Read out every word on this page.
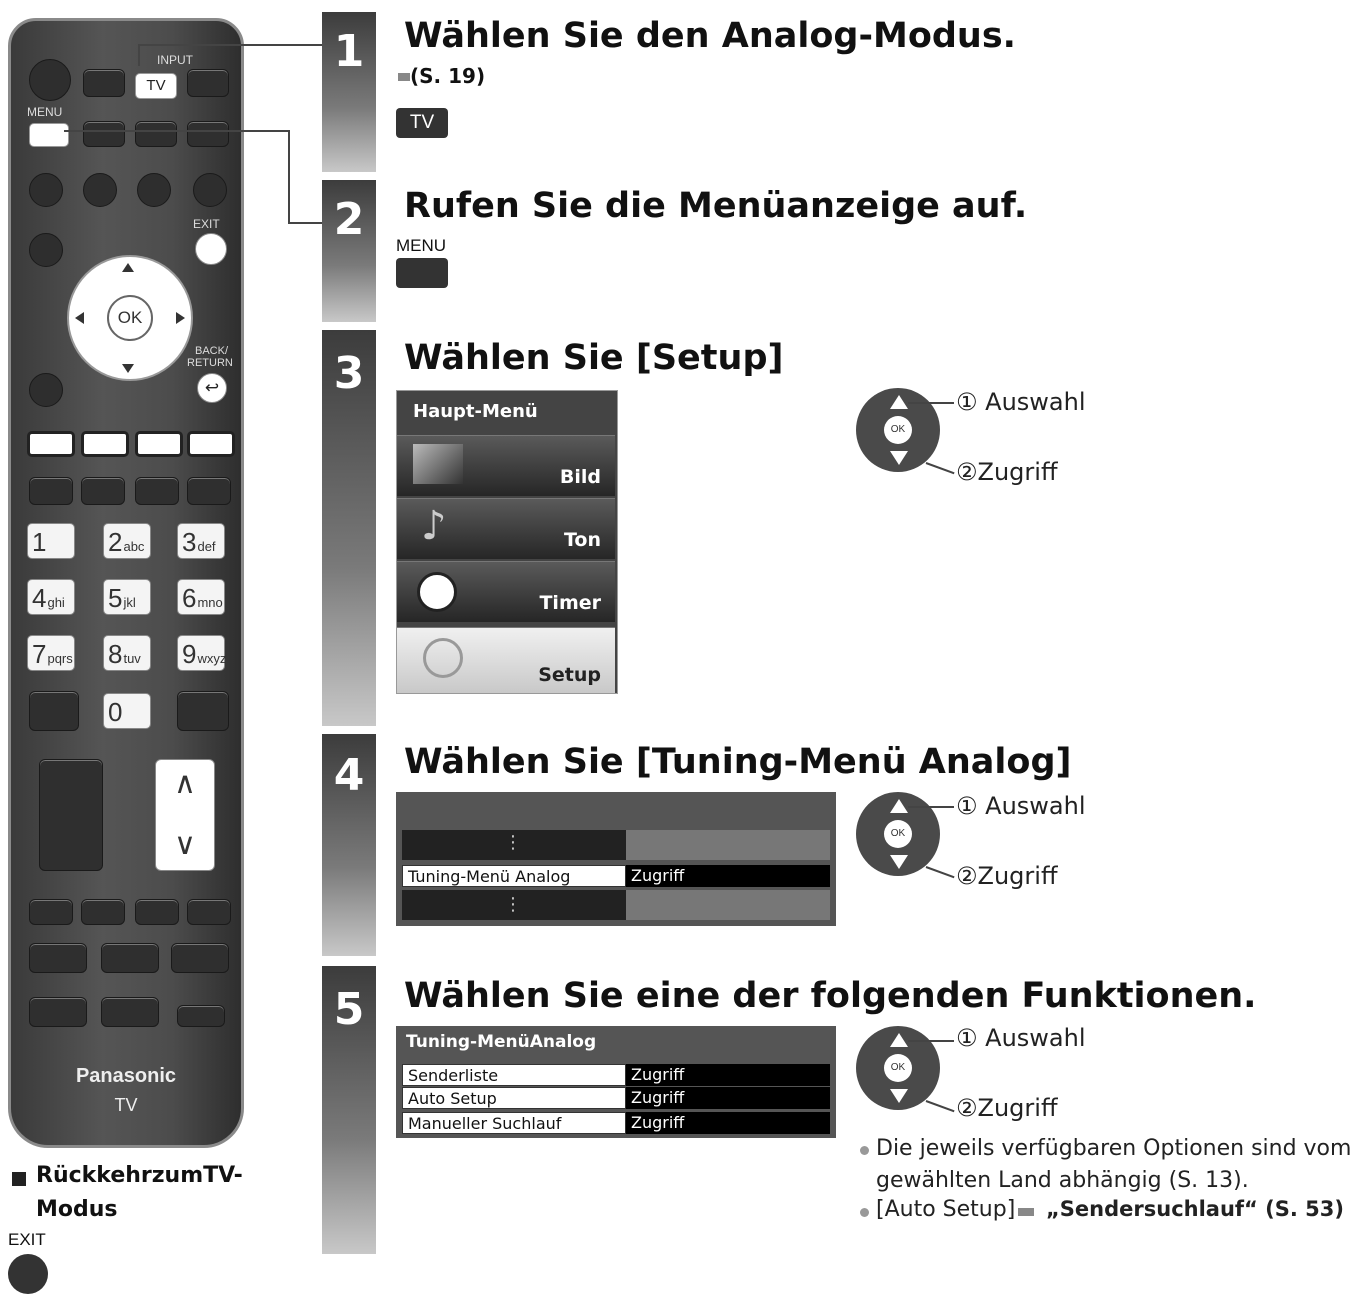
INPUT
TV
MENU
EXIT
OK
BACK/
RETURN
↩
1	2abc 3def
4ghi	5jkl	6mno
7pqrs 8tuv	9wxyz
0
∧
∨
Panasonic
TV
RückkehrzumTV-
Modus
EXIT
1	Wählen Sie den Analog-Modus.
(S. 19)
TV
2	Rufen Sie die Menüanzeige auf.
MENU
3	Wählen Sie [Setup]
Haupt-Menü
Bild
♪	Ton
Timer
Setup
OK
① Auswahl
②Zugriff
4	Wählen Sie [Tuning-Menü Analog]
⋮
Tuning-Menü Analog	Zugriff
⋮
OK
① Auswahl
②Zugriff
5	Wählen Sie eine der folgenden Funktionen.
Tuning-MenüAnalog
Senderliste	Zugriff
Auto Setup	Zugriff
Manueller Suchlauf	Zugriff
OK
① Auswahl
②Zugriff
Die jeweils verfügbaren Optionen sind vom
gewählten Land abhängig (S. 13).
[Auto Setup] „Sendersuchlauf“ (S. 53)
